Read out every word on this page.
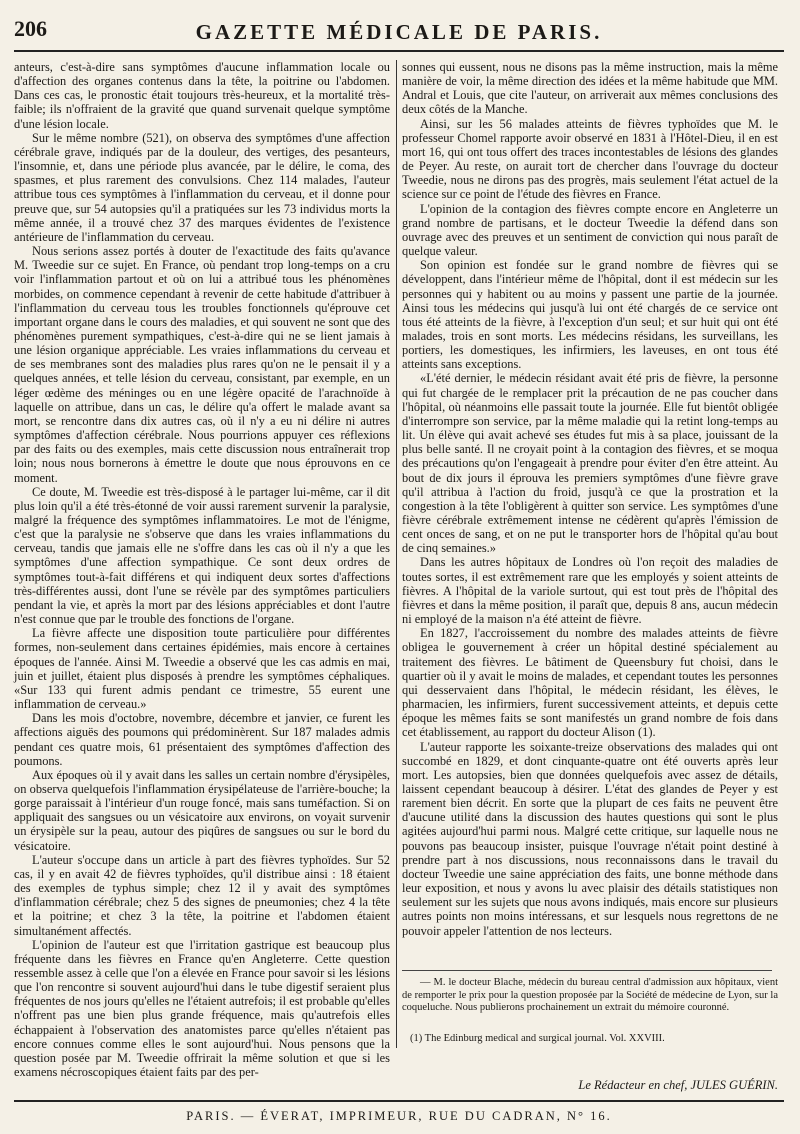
206	GAZETTE MÉDICALE DE PARIS.

anteurs, c'est-à-dire sans symptômes d'aucune inflammation locale ou d'affection des organes contenus dans la tête, la poitrine ou l'abdomen. Dans ces cas, le pronostic était toujours très-heureux, et la mortalité très-faible; ils n'offraient de la gravité que quand survenait quelque symptôme d'une lésion locale.

Sur le même nombre (521), on observa des symptômes d'une affection cérébrale grave, indiqués par de la douleur, des vertiges, des pesanteurs, l'insomnie, et, dans une période plus avancée, par le délire, le coma, des spasmes, et plus rarement des convulsions. Chez 114 malades, l'auteur attribue tous ces symptômes à l'inflammation du cerveau, et il donne pour preuve que, sur 54 autopsies qu'il a pratiquées sur les 73 individus morts la même année, il a trouvé chez 37 des marques évidentes de l'existence antérieure de l'inflammation du cerveau.

Nous serions assez portés à douter de l'exactitude des faits qu'avance M. Tweedie sur ce sujet. En France, où pendant trop long-temps on a cru voir l'inflammation partout et où on lui a attribué tous les phénomènes morbides, on commence cependant à revenir de cette habitude d'attribuer à l'inflammation du cerveau tous les troubles fonctionnels qu'éprouve cet important organe dans le cours des maladies, et qui souvent ne sont que des phénomènes purement sympathiques, c'est-à-dire qui ne se lient jamais à une lésion organique appréciable. Les vraies inflammations du cerveau et de ses membranes sont des maladies plus rares qu'on ne le pensait il y a quelques années, et telle lésion du cerveau, consistant, par exemple, en un léger œdème des méninges ou en une légère opacité de l'arachnoïde à laquelle on attribue, dans un cas, le délire qu'a offert le malade avant sa mort, se rencontre dans dix autres cas, où il n'y a eu ni délire ni autres symptômes d'affection cérébrale. Nous pourrions appuyer ces réflexions par des faits ou des exemples, mais cette discussion nous entraînerait trop loin; nous nous bornerons à émettre le doute que nous éprouvons en ce moment.

Ce doute, M. Tweedie est très-disposé à le partager lui-même, car il dit plus loin qu'il a été très-étonné de voir aussi rarement survenir la paralysie, malgré la fréquence des symptômes inflammatoires. Le mot de l'énigme, c'est que la paralysie ne s'observe que dans les vraies inflammations du cerveau, tandis que jamais elle ne s'offre dans les cas où il n'y a que les symptômes d'une affection sympathique. Ce sont deux ordres de symptômes tout-à-fait différens et qui indiquent deux sortes d'affections très-différentes aussi, dont l'une se révèle par des symptômes particuliers pendant la vie, et après la mort par des lésions appréciables et dont l'autre n'est connue que par le trouble des fonctions de l'organe.

La fièvre affecte une disposition toute particulière pour différentes formes, non-seulement dans certaines épidémies, mais encore à certaines époques de l'année. Ainsi M. Tweedie a observé que les cas admis en mai, juin et juillet, étaient plus disposés à prendre les symptômes céphaliques. «Sur 133 qui furent admis pendant ce trimestre, 55 eurent une inflammation de cerveau.»

Dans les mois d'octobre, novembre, décembre et janvier, ce furent les affections aiguës des poumons qui prédominèrent. Sur 187 malades admis pendant ces quatre mois, 61 présentaient des symptômes d'affection des poumons.

Aux époques où il y avait dans les salles un certain nombre d'érysipèles, on observa quelquefois l'inflammation érysipélateuse de l'arrière-bouche; la gorge paraissait à l'intérieur d'un rouge foncé, mais sans tuméfaction. Si on appliquait des sangsues ou un vésicatoire aux environs, on voyait survenir un érysipèle sur la peau, autour des piqûres de sangsues ou sur le bord du vésicatoire.

L'auteur s'occupe dans un article à part des fièvres typhoïdes. Sur 52 cas, il y en avait 42 de fièvres typhoïdes, qu'il distribue ainsi : 18 étaient des exemples de typhus simple; chez 12 il y avait des symptômes d'inflammation cérébrale; chez 5 des signes de pneumonies; chez 4 la tête et la poitrine; et chez 3 la tête, la poitrine et l'abdomen étaient simultanément affectés.

L'opinion de l'auteur est que l'irritation gastrique est beaucoup plus fréquente dans les fièvres en France qu'en Angleterre. Cette question ressemble assez à celle que l'on a élevée en France pour savoir si les lésions que l'on rencontre si souvent aujourd'hui dans le tube digestif seraient plus fréquentes de nos jours qu'elles ne l'étaient autrefois; il est probable qu'elles n'offrent pas une bien plus grande fréquence, mais qu'autrefois elles échappaient à l'observation des anatomistes parce qu'elles n'étaient pas encore connues comme elles le sont aujourd'hui. Nous pensons que la question posée par M. Tweedie offrirait la même solution et que si les examens nécroscopiques étaient faits par des per-

sonnes qui eussent, nous ne disons pas la même instruction, mais la même manière de voir, la même direction des idées et la même habitude que MM. Andral et Louis, que cite l'auteur, on arriverait aux mêmes conclusions des deux côtés de la Manche.

Ainsi, sur les 56 malades atteints de fièvres typhoïdes que M. le professeur Chomel rapporte avoir observé en 1831 à l'Hôtel-Dieu, il en est mort 16, qui ont tous offert des traces incontestables de lésions des glandes de Peyer. Au reste, on aurait tort de chercher dans l'ouvrage du docteur Tweedie, nous ne dirons pas des progrès, mais seulement l'état actuel de la science sur ce point de l'étude des fièvres en France.

L'opinion de la contagion des fièvres compte encore en Angleterre un grand nombre de partisans, et le docteur Tweedie la défend dans son ouvrage avec des preuves et un sentiment de conviction qui nous paraît de quelque valeur.

Son opinion est fondée sur le grand nombre de fièvres qui se développent, dans l'intérieur même de l'hôpital, dont il est médecin sur les personnes qui y habitent ou au moins y passent une partie de la journée. Ainsi tous les médecins qui jusqu'à lui ont été chargés de ce service ont tous été atteints de la fièvre, à l'exception d'un seul; et sur huit qui ont été malades, trois en sont morts. Les médecins résidans, les surveillans, les portiers, les domestiques, les infirmiers, les laveuses, en ont tous été atteints sans exceptions.

«L'été dernier, le médecin résidant avait été pris de fièvre, la personne qui fut chargée de le remplacer prit la précaution de ne pas coucher dans l'hôpital, où néanmoins elle passait toute la journée. Elle fut bientôt obligée d'interrompre son service, par la même maladie qui la retint long-temps au lit. Un élève qui avait achevé ses études fut mis à sa place, jouissant de la plus belle santé. Il ne croyait point à la contagion des fièvres, et se moqua des précautions qu'on l'engageait à prendre pour éviter d'en être atteint. Au bout de dix jours il éprouva les premiers symptômes d'une fièvre grave qu'il attribua à l'action du froid, jusqu'à ce que la prostration et la congestion à la tête l'obligèrent à quitter son service. Les symptômes d'une fièvre cérébrale extrêmement intense ne cédèrent qu'après l'émission de cent onces de sang, et on ne put le transporter hors de l'hôpital qu'au bout de cinq semaines.»

Dans les autres hôpitaux de Londres où l'on reçoit des maladies de toutes sortes, il est extrêmement rare que les employés y soient atteints de fièvres. A l'hôpital de la variole surtout, qui est tout près de l'hôpital des fièvres et dans la même position, il paraît que, depuis 8 ans, aucun médecin ni employé de la maison n'a été atteint de fièvre.

En 1827, l'accroissement du nombre des malades atteints de fièvre obligea le gouvernement à créer un hôpital destiné spécialement au traitement des fièvres. Le bâtiment de Queensbury fut choisi, dans le quartier où il y avait le moins de malades, et cependant toutes les personnes qui desservaient dans l'hôpital, le médecin résidant, les élèves, le pharmacien, les infirmiers, furent successivement atteints, et depuis cette époque les mêmes faits se sont manifestés un grand nombre de fois dans cet établissement, au rapport du docteur Alison (1).

L'auteur rapporte les soixante-treize observations des malades qui ont succombé en 1829, et dont cinquante-quatre ont été ouverts après leur mort. Les autopsies, bien que données quelquefois avec assez de détails, laissent cependant beaucoup à désirer. L'état des glandes de Peyer y est rarement bien décrit. En sorte que la plupart de ces faits ne peuvent être d'aucune utilité dans la discussion des hautes questions qui sont le plus agitées aujourd'hui parmi nous. Malgré cette critique, sur laquelle nous ne pouvons pas beaucoup insister, puisque l'ouvrage n'était point destiné à prendre part à nos discussions, nous reconnaissons dans le travail du docteur Tweedie une saine appréciation des faits, une bonne méthode dans leur exposition, et nous y avons lu avec plaisir des détails statistiques non seulement sur les sujets que nous avons indiqués, mais encore sur plusieurs autres points non moins intéressans, et sur lesquels nous regrettons de ne pouvoir appeler l'attention de nos lecteurs.

— M. le docteur Blache, médecin du bureau central d'admission aux hôpitaux, vient de remporter le prix pour la question proposée par la Société de médecine de Lyon, sur la coqueluche. Nous publierons prochainement un extrait du mémoire couronné.

(1) The Edinburg medical and surgical journal. Vol. XXVIII.

Le Rédacteur en chef, JULES GUÉRIN.
$_{PARIS. — ÉVERAT, IMPRIMEUR, RUE DU CADRAN, N^\circ 16.}$
